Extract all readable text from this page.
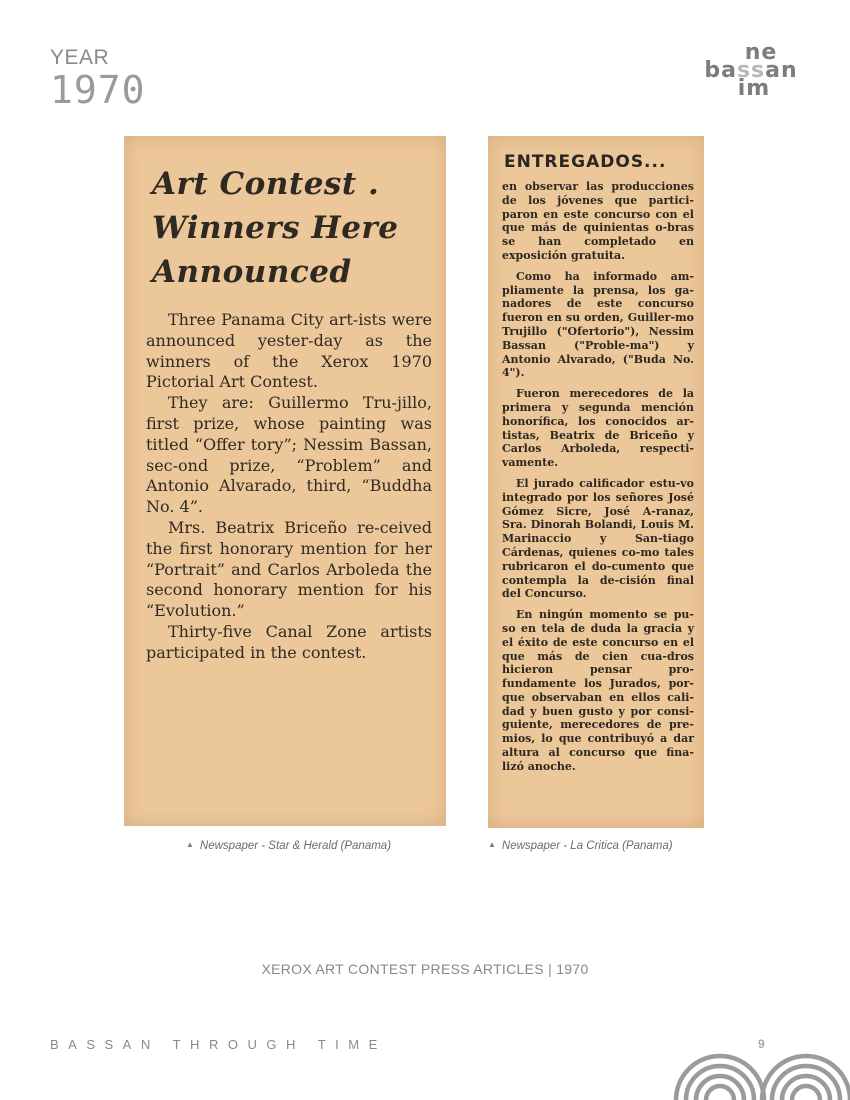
YEAR
1970
ne
bassan
im
Art Contest .
Winners Here
Announced

Three Panama City art-ists were announced yester-day as the winners of the Xerox 1970 Pictorial Art Contest.

They are: Guillermo Tru-jillo, first prize, whose painting was titled “Offer tory”; Nessim Bassan, sec-ond prize, “Problem” and Antonio Alvarado, third, “Buddha No. 4”.

Mrs. Beatrix Briceño re-ceived the first honorary mention for her “Portrait” and Carlos Arboleda the second honorary mention for his “Evolution.”

Thirty-five Canal Zone artists participated in the contest.

ENTREGADOS...

en observar las producciones de los jóvenes que partici-paron en este concurso con el que más de quinientas o-bras se han completado en exposición gratuita.

Como ha informado am-pliamente la prensa, los ga-nadores de este concurso fueron en su orden, Guiller-mo Trujillo ("Ofertorio"), Nessim Bassan ("Proble-ma") y Antonio Alvarado, ("Buda No. 4").

Fueron merecedores de la primera y segunda mención honorífica, los conocidos ar-tistas, Beatrix de Briceño y Carlos Arboleda, respecti-vamente.

El jurado calificador estu-vo integrado por los señores José Gómez Sicre, José A-ranaz, Sra. Dinorah Bolandi, Louis M. Marinaccio y San-tiago Cárdenas, quienes co-mo tales rubricaron el do-cumento que contempla la de-cisión final del Concurso.

En ningún momento se pu-so en tela de duda la gracia y el éxito de este concurso en el que más de cien cua-dros hicieron pensar pro-fundamente los Jurados, por-que observaban en ellos cali-dad y buen gusto y por consi-guiente, merecedores de pre-mios, lo que contribuyó a dar altura al concurso que fina-lizó anoche.

▲ Newspaper - Star & Herald (Panama)	▲ Newspaper - La Critica (Panama)
XEROX ART CONTEST PRESS ARTICLES | 1970
BASSAN THROUGH TIME	9
